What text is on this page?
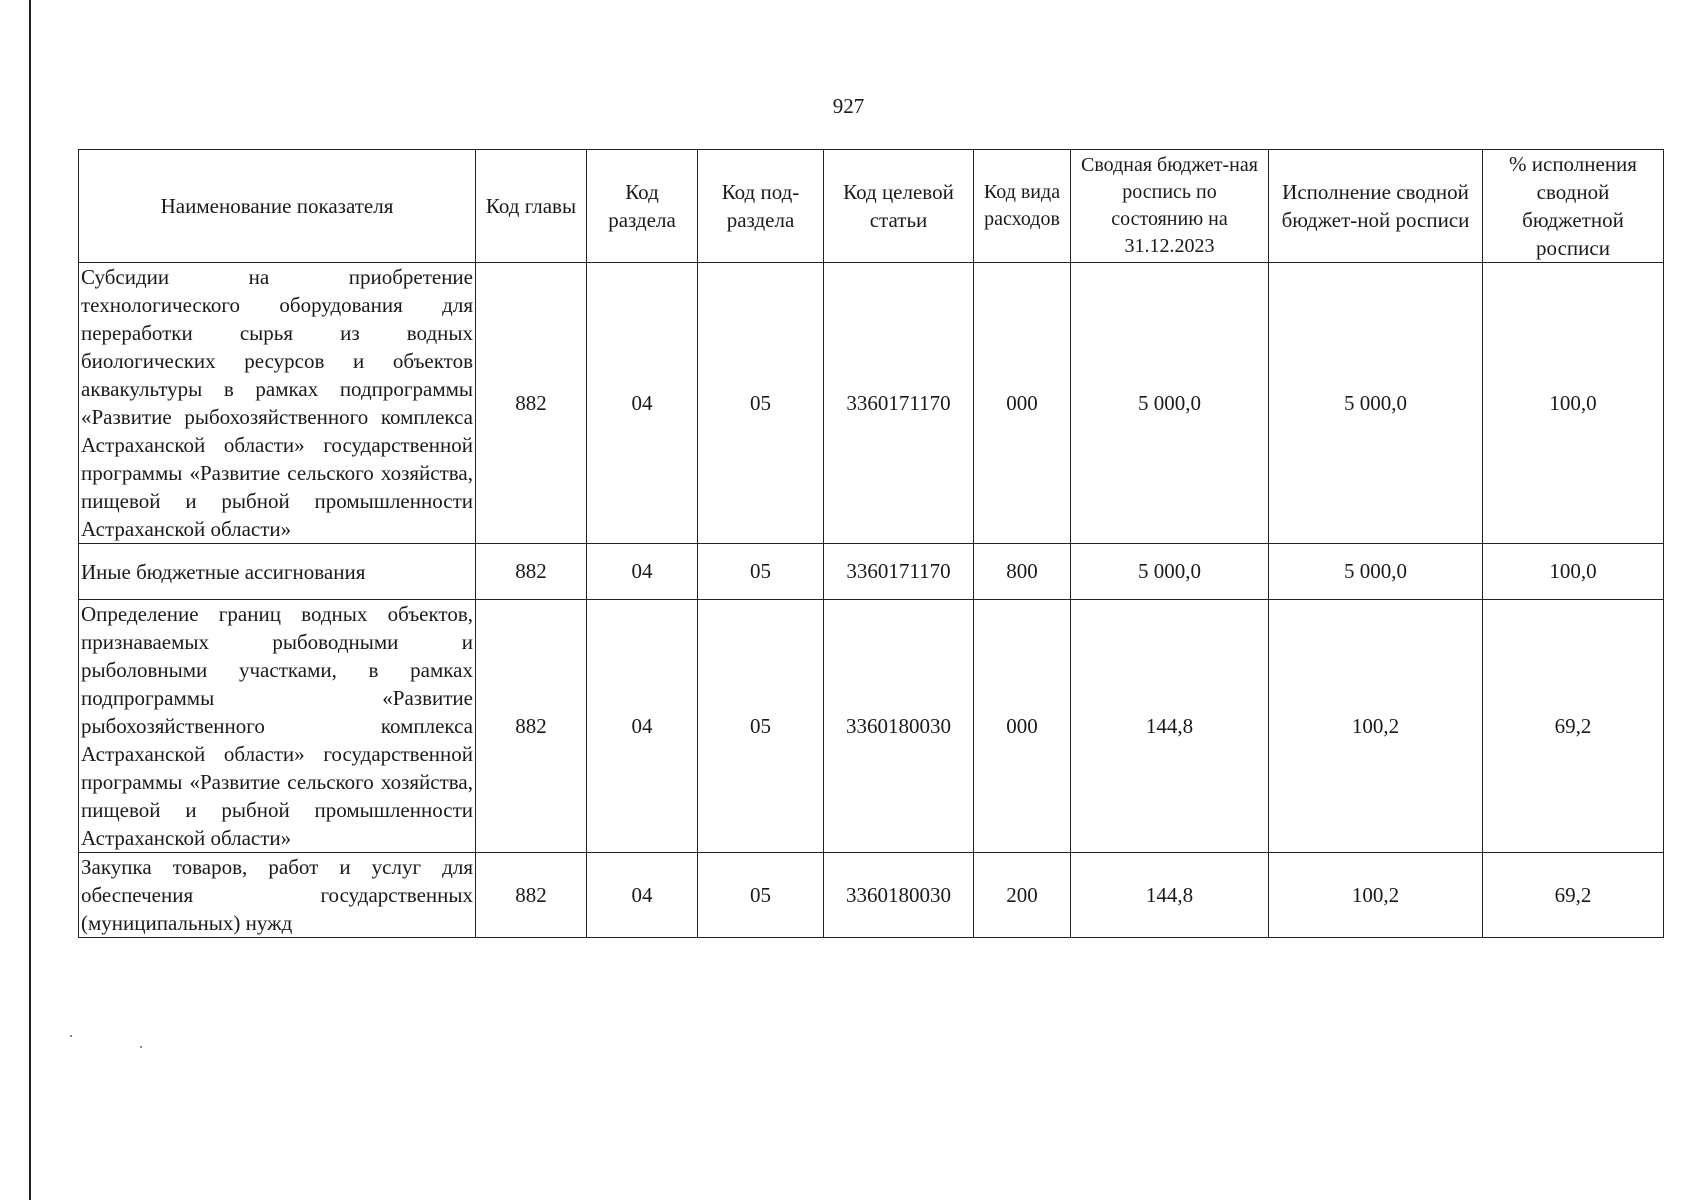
927
Наименование показателя	Код главы	Код раздела	Код под-раздела	Код целевой статьи	Код вида расходов	Сводная бюджет-ная роспись по состоянию на 31.12.2023	Исполнение сводной бюджет-ной росписи	% исполнения сводной бюджетной росписи
Субсидии на приобретение технологического оборудования для переработки сырья из водных биологических ресурсов и объектов аквакультуры в рамках подпрограммы «Развитие рыбохозяйственного комплекса Астраханской области» государственной программы «Развитие сельского хозяйства, пищевой и рыбной промышленности Астраханской области»	882	04	05	3360171170	000	5 000,0	5 000,0	100,0
Иные бюджетные ассигнования	882	04	05	3360171170	800	5 000,0	5 000,0	100,0
Определение границ водных объектов, признаваемых рыбоводными и рыболовными участками, в рамках подпрограммы «Развитие рыбохозяйственного комплекса Астраханской области» государственной программы «Развитие сельского хозяйства, пищевой и рыбной промышленности Астраханской области»	882	04	05	3360180030	000	144,8	100,2	69,2
Закупка товаров, работ и услуг для обеспечения государственных (муниципальных) нужд	882	04	05	3360180030	200	144,8	100,2	69,2
